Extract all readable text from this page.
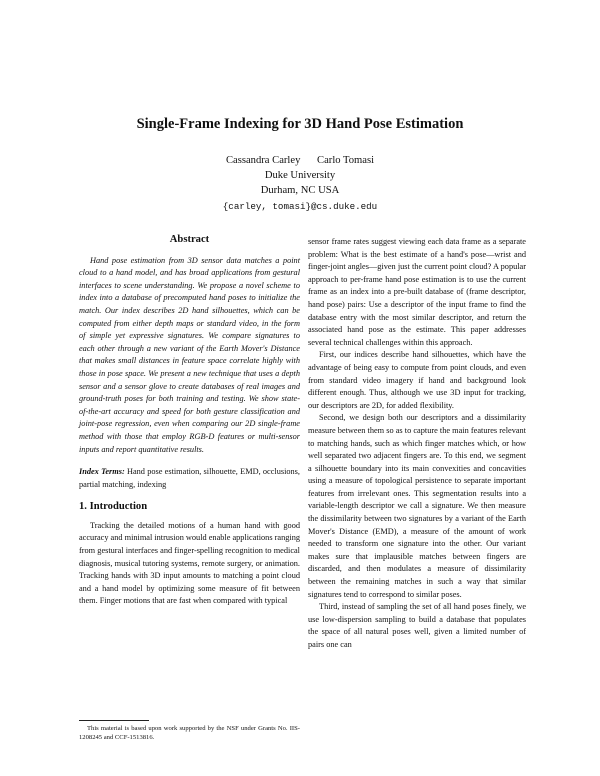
Single-Frame Indexing for 3D Hand Pose Estimation
Cassandra Carley Carlo Tomasi
Duke University
Durham, NC USA
{carley, tomasi}@cs.duke.edu
Abstract

Hand pose estimation from 3D sensor data matches a point cloud to a hand model, and has broad applications from gestural interfaces to scene understanding. We propose a novel scheme to index into a database of precomputed hand poses to initialize the match. Our index describes 2D hand silhouettes, which can be computed from either depth maps or standard video, in the form of simple yet expressive signatures. We compare signatures to each other through a new variant of the Earth Mover's Distance that makes small distances in feature space correlate highly with those in pose space. We present a new technique that uses a depth sensor and a sensor glove to create databases of real images and ground-truth poses for both training and testing. We show state-of-the-art accuracy and speed for both gesture classification and joint-pose regression, even when comparing our 2D single-frame method with those that employ RGB-D features or multi-sensor inputs and report quantitative results.

Index Terms: Hand pose estimation, silhouette, EMD, occlusions, partial matching, indexing

1. Introduction

Tracking the detailed motions of a human hand with good accuracy and minimal intrusion would enable applications ranging from gestural interfaces and finger-spelling recognition to medical diagnosis, musical tutoring systems, remote surgery, or animation. Tracking hands with 3D input amounts to matching a point cloud and a hand model by optimizing some measure of fit between them. Finger motions that are fast when compared with typical

This material is based upon work supported by the NSF under Grants No. IIS-1208245 and CCF-1513816.

sensor frame rates suggest viewing each data frame as a separate problem: What is the best estimate of a hand's pose—wrist and finger-joint angles—given just the current point cloud? A popular approach to per-frame hand pose estimation is to use the current frame as an index into a pre-built database of (frame descriptor, hand pose) pairs: Use a descriptor of the input frame to find the database entry with the most similar descriptor, and return the associated hand pose as the estimate. This paper addresses several technical challenges within this approach.

First, our indices describe hand silhouettes, which have the advantage of being easy to compute from point clouds, and even from standard video imagery if hand and background look different enough. Thus, although we use 3D input for tracking, our descriptors are 2D, for added flexibility.

Second, we design both our descriptors and a dissimilarity measure between them so as to capture the main features relevant to matching hands, such as which finger matches which, or how well separated two adjacent fingers are. To this end, we segment a silhouette boundary into its main convexities and concavities using a measure of topological persistence to separate important features from irrelevant ones. This segmentation results into a variable-length descriptor we call a signature. We then measure the dissimilarity between two signatures by a variant of the Earth Mover's Distance (EMD), a measure of the amount of work needed to transform one signature into the other. Our variant makes sure that implausible matches between fingers are discarded, and then modulates a measure of dissimilarity between the remaining matches in such a way that similar signatures tend to correspond to similar poses.

Third, instead of sampling the set of all hand poses finely, we use low-dispersion sampling to build a database that populates the space of all natural poses well, given a limited number of pairs one can
